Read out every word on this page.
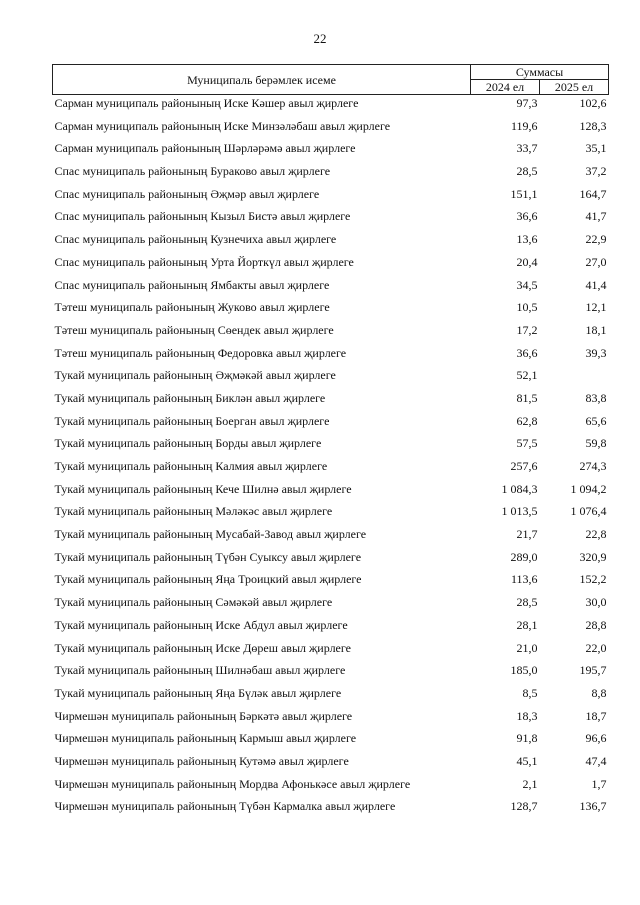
22
Муниципаль берәмлек исеме	Суммасы	
	2024 ел	2025 ел
Сарман муниципаль районының Иске Кәшер авыл җирлеге	97,3	102,6
Сарман муниципаль районының Иске Минзәләбаш авыл җирлеге	119,6	128,3
Сарман муниципаль районының Шәрләрәмә авыл җирлеге	33,7	35,1
Спас муниципаль районының Бураково авыл җирлеге	28,5	37,2
Спас муниципаль районының Әҗмәр авыл җирлеге	151,1	164,7
Спас муниципаль районының Кызыл Бистә авыл җирлеге	36,6	41,7
Спас муниципаль районының Кузнечиха авыл җирлеге	13,6	22,9
Спас муниципаль районының Урта Йорткүл авыл җирлеге	20,4	27,0
Спас муниципаль районының Ямбакты авыл җирлеге	34,5	41,4
Тәтеш муниципаль районының Жуково авыл җирлеге	10,5	12,1
Тәтеш муниципаль районының Сөендек авыл җирлеге	17,2	18,1
Тәтеш муниципаль районының Федоровка авыл җирлеге	36,6	39,3
Тукай муниципаль районының Әҗмәкәй авыл җирлеге	52,1	
Тукай муниципаль районының Биклән авыл җирлеге	81,5	83,8
Тукай муниципаль районының Боерган авыл җирлеге	62,8	65,6
Тукай муниципаль районының Борды авыл җирлеге	57,5	59,8
Тукай муниципаль районының Калмия авыл җирлеге	257,6	274,3
Тукай муниципаль районының Кече Шилнә авыл җирлеге	1 084,3	1 094,2
Тукай муниципаль районының Мәләкәс авыл җирлеге	1 013,5	1 076,4
Тукай муниципаль районының Мусабай-Завод авыл җирлеге	21,7	22,8
Тукай муниципаль районының Түбән Суыксу авыл җирлеге	289,0	320,9
Тукай муниципаль районының Яңа Троицкий авыл җирлеге	113,6	152,2
Тукай муниципаль районының Сәмәкәй авыл җирлеге	28,5	30,0
Тукай муниципаль районының Иске Абдул авыл җирлеге	28,1	28,8
Тукай муниципаль районының Иске Дөреш авыл җирлеге	21,0	22,0
Тукай муниципаль районының Шилнәбаш авыл җирлеге	185,0	195,7
Тукай муниципаль районының Яңа Бүләк авыл җирлеге	8,5	8,8
Чирмешән муниципаль районының Бәркәтә авыл җирлеге	18,3	18,7
Чирмешән муниципаль районының Кармыш авыл җирлеге	91,8	96,6
Чирмешән муниципаль районының Кутәмә авыл җирлеге	45,1	47,4
Чирмешән муниципаль районының Мордва Афонькәсе авыл җирлеге	2,1	1,7
Чирмешән муниципаль районының Түбән Кармалка авыл җирлеге	128,7	136,7
